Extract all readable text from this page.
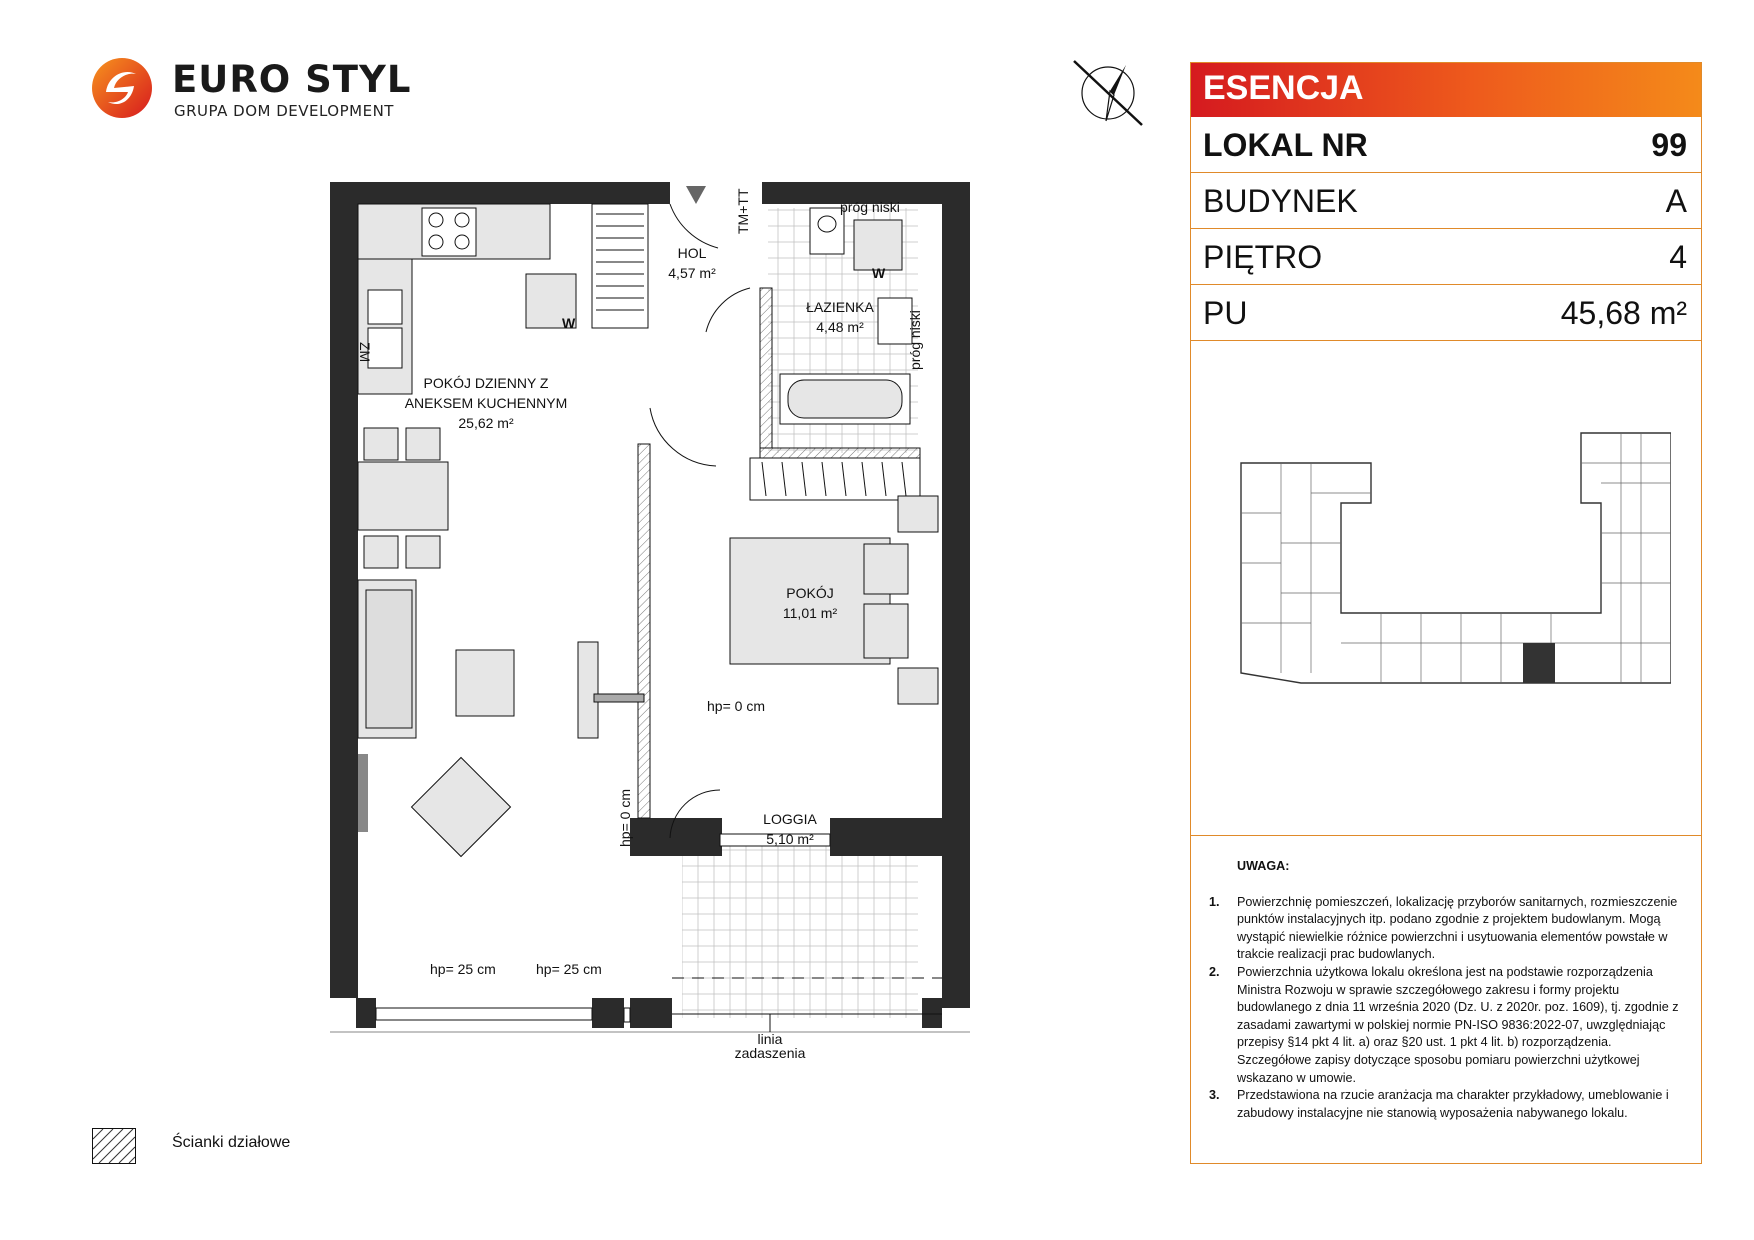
EURO STYL
GRUPA DOM DEVELOPMENT
W
ZM
W
próg niski
próg niski
TM+TT
POKÓJ DZIENNY Z
ANEKSEM KUCHENNYM
25,62 m²
HOL
4,57 m²
ŁAZIENKA
4,48 m²
POKÓJ
11,01 m²
LOGGIA
5,10 m²
hp= 0 cm
hp= 0 cm
hp= 25 cm	hp= 25 cm
linia
zadaszenia
ESENCJA
LOKAL NR	99
BUDYNEK	A
PIĘTRO	4
PU	45,68 m²
UWAGA:
1.	Powierzchnię pomieszczeń, lokalizację przyborów sanitarnych, rozmieszczenie punktów instalacyjnych itp. podano zgodnie z projektem budowlanym. Mogą wystąpić niewielkie różnice powierzchni i usytuowania elementów powstałe w trakcie realizacji prac budowlanych.
2.	Powierzchnia użytkowa lokalu określona jest na podstawie rozporządzenia Ministra Rozwoju w sprawie szczegółowego zakresu i formy projektu budowlanego z dnia 11 września 2020 (Dz. U. z 2020r. poz. 1609), tj. zgodnie z zasadami zawartymi w polskiej normie PN-ISO 9836:2022-07, uwzględniając przepisy §14 pkt 4 lit. a) oraz §20 ust. 1 pkt 4 lit. b) rozporządzenia. Szczegółowe zapisy dotyczące sposobu pomiaru powierzchni użytkowej wskazano w umowie.
3.	Przedstawiona na rzucie aranżacja ma charakter przykładowy, umeblowanie i zabudowy instalacyjne nie stanowią wyposażenia nabywanego lokalu.
Ścianki działowe
